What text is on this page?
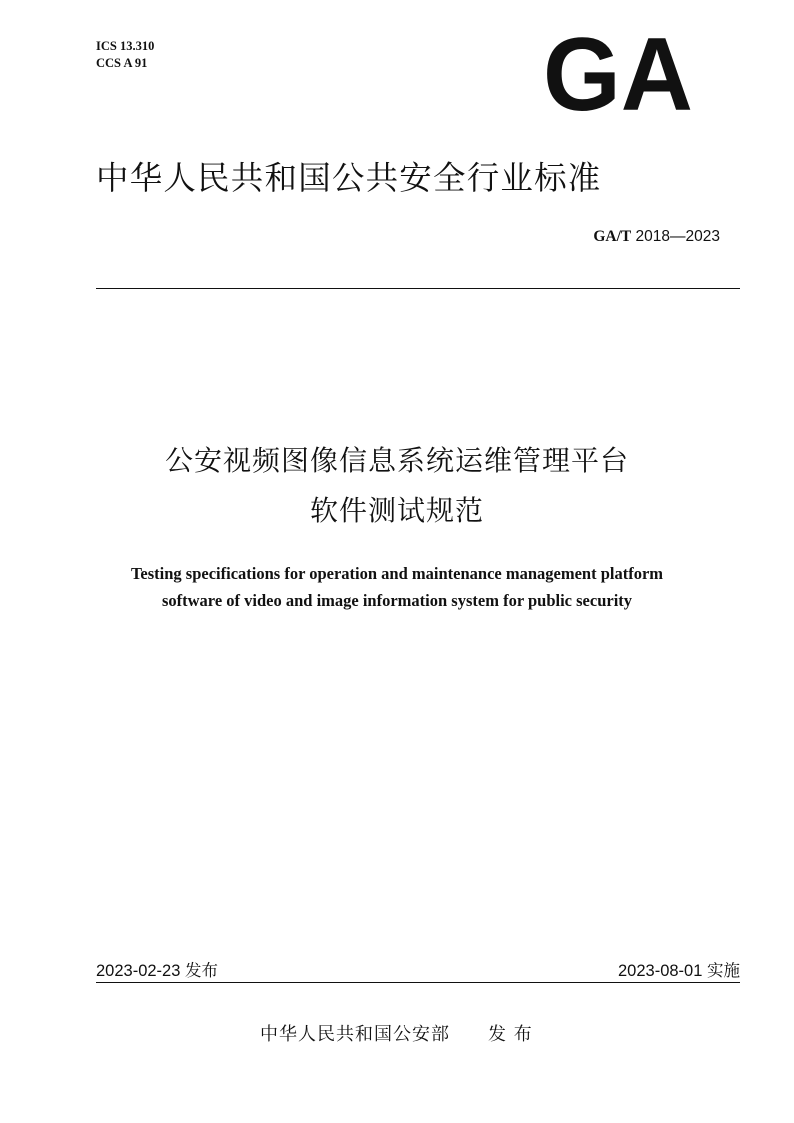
ICS 13.310
CCS A 91	GA
中华人民共和国公共安全行业标准
GA/T 2018—2023
公安视频图像信息系统运维管理平台
软件测试规范
Testing specifications for operation and maintenance management platform
software of video and image information system for public security
2023-02-23 发布	2023-08-01 实施
中华人民共和国公安部 发 布
